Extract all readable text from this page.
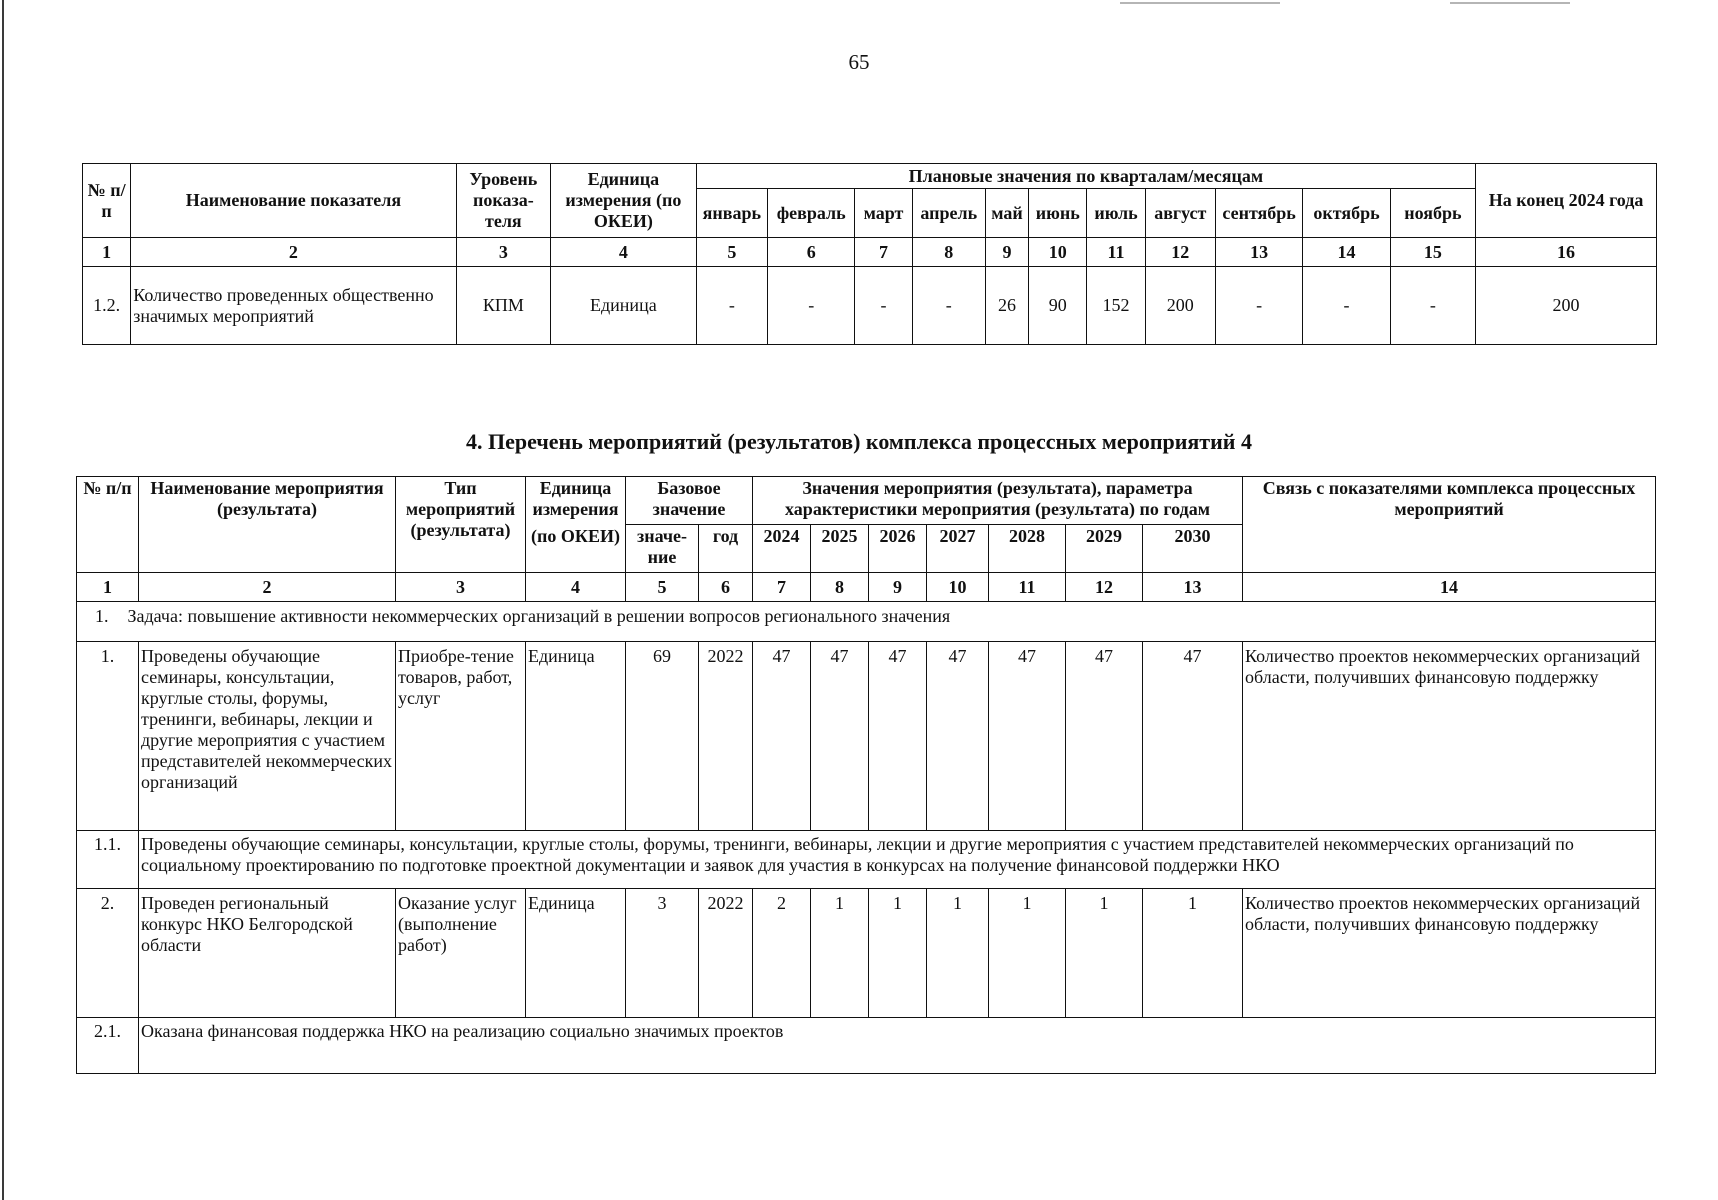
65
№ п/п	Наименование показателя	Уровень показа-теля	Единица измерения (по ОКЕИ)	Плановые значения по кварталам/месяцам											На конец 2024 года
				январь	февраль	март	апрель	май	июнь	июль	август	сентябрь	октябрь	ноябрь	
1	2	3	4	5	6	7	8	9	10	11	12	13	14	15	16
1.2.	Количество проведенных общественно значимых мероприятий	КПМ	Единица	-	-	-	-	26	90	152	200	-	-	-	200
4. Перечень мероприятий (результатов) комплекса процессных мероприятий 4
№ п/п	Наименование мероприятия (результата)	Тип мероприятий (результата)	Единица измерения	Базовое значение		Значения мероприятия (результата), параметра характеристики мероприятия (результата) по годам							Связь с показателями комплекса процессных мероприятий
			(по ОКЕИ)	значе-ние	год	2024	2025	2026	2027	2028	2029	2030	
1	2	3	4	5	6	7	8	9	10	11	12	13	14
1. Задача: повышение активности некоммерческих организаций в решении вопросов регионального значения													
1.	Проведены обучающие семинары, консультации, круглые столы, форумы, тренинги, вебинары, лекции и другие мероприятия с участием представителей некоммерческих организаций	Приобре-тение товаров, работ, услуг	Единица	69	2022	47	47	47	47	47	47	47	Количество проектов некоммерческих организаций области, получивших финансовую поддержку
1.1.	Проведены обучающие семинары, консультации, круглые столы, форумы, тренинги, вебинары, лекции и другие мероприятия с участием представителей некоммерческих организаций по социальному проектированию по подготовке проектной документации и заявок для участия в конкурсах на получение финансовой поддержки НКО												
2.	Проведен региональный конкурс НКО Белгородской области	Оказание услуг (выполнение работ)	Единица	3	2022	2	1	1	1	1	1	1	Количество проектов некоммерческих организаций области, получивших финансовую поддержку
2.1.	Оказана финансовая поддержка НКО на реализацию социально значимых проектов												
